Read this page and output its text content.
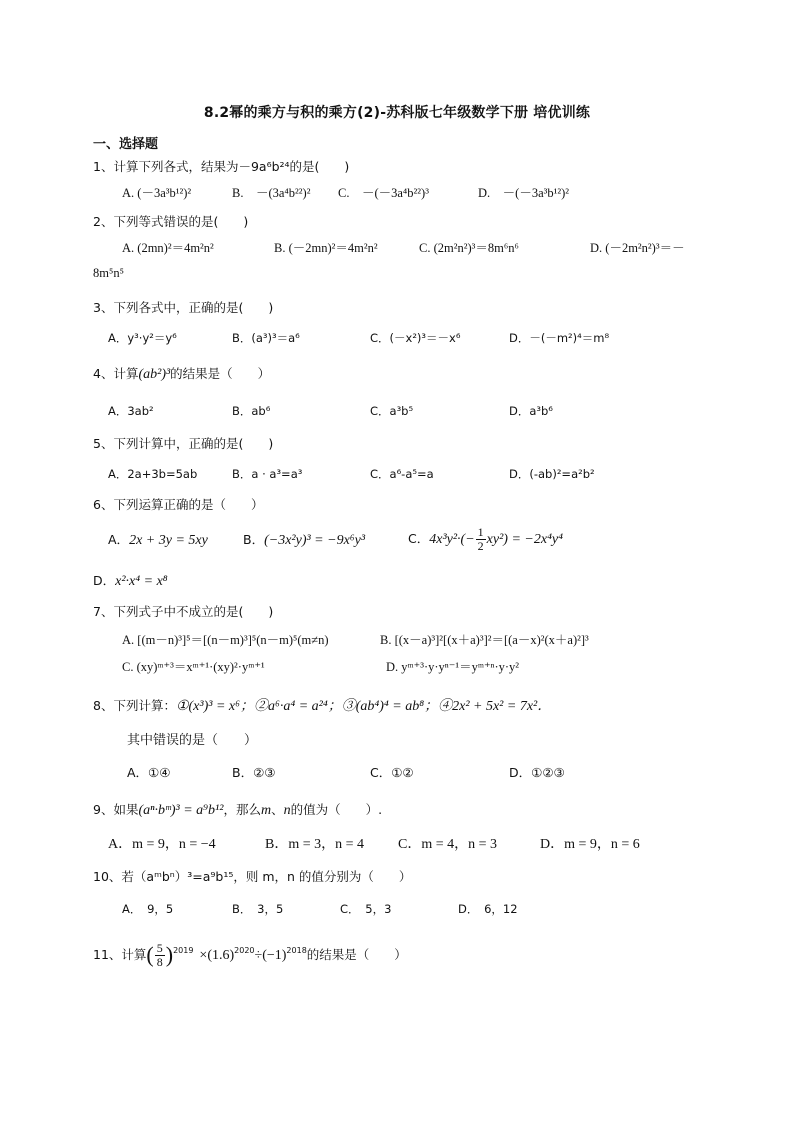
8.2幂的乘方与积的乘方(2)-苏科版七年级数学下册 培优训练
一、选择题
1、计算下列各式，结果为－9a⁶b²⁴的是(　　)
A. (－3a³b¹²)²	B.　－(3a⁴b²²)² C.　－(－3a⁴b²²)³	D.　－(－3a³b¹²)²
2、下列等式错误的是(　　)
A. (2mn)²＝4m²n²	B. (－2mn)²＝4m²n²	C. (2m²n²)³＝8m⁶n⁶	D. (－2m²n²)³＝－
8m⁵n⁵
3、下列各式中，正确的是(　　)
A．y³·y²＝y⁶	B．(a³)³＝a⁶	C．(－x²)³＝－x⁶	D．－(－m²)⁴＝m⁸
4、计算(ab²)³的结果是（　　）
A．3ab²	B．ab⁶	C．a³b⁵	D．a³b⁶
5、下列计算中，正确的是(　　)
A．2a+3b=5ab	B．a · a³=a³	C．a⁶-a⁵=a	D．(-ab)²=a²b²
6、下列运算正确的是（　　）
A．2x + 3y = 5xy	B．(−3x²y)³ = −9x⁶y³	C．$4x^3y^2\cdot(- \frac{1}{2} xy^2) = -2x^4y^4$
D．x²·x⁴ = x⁸
7、下列式子中不成立的是(　　)
A. [(m－n)³]⁵＝[(n－m)³]⁵(n－m)⁵(m≠n)	B. [(x－a)³]²[(x＋a)³]²＝[(a－x)²(x＋a)²]³
C. (xy)ᵐ⁺³＝xᵐ⁺¹·(xy)²·yᵐ⁺¹	D. yᵐ⁺³·y·yⁿ⁻¹＝yᵐ⁺ⁿ·y·y²
8、下列计算：①(x³)³ = x⁶；②a⁶·a⁴ = a²⁴；③(ab⁴)⁴ = ab⁸；④2x² + 5x² = 7x²．
其中错误的是（　　）
A．①④	B．②③	C．①②	D．①②③
9、如果(aⁿ·bᵐ)³ = a⁹b¹²，那么m、n的值为（　　）.
A．m = 9，n = −4	B．m = 3，n = 4 C．m = 4，n = 3	D．m = 9，n = 6
10、若（aᵐbⁿ）³=a⁹b¹⁵，则 m，n 的值分别为（　　）
A．　9，5	B．　3，5	C．　5，3	D．　6，12
11、计算( $\frac{5}{8} )^{2019} \times(1.6)^{2020}\div(-1)^{2018}$的结果是（　　）
